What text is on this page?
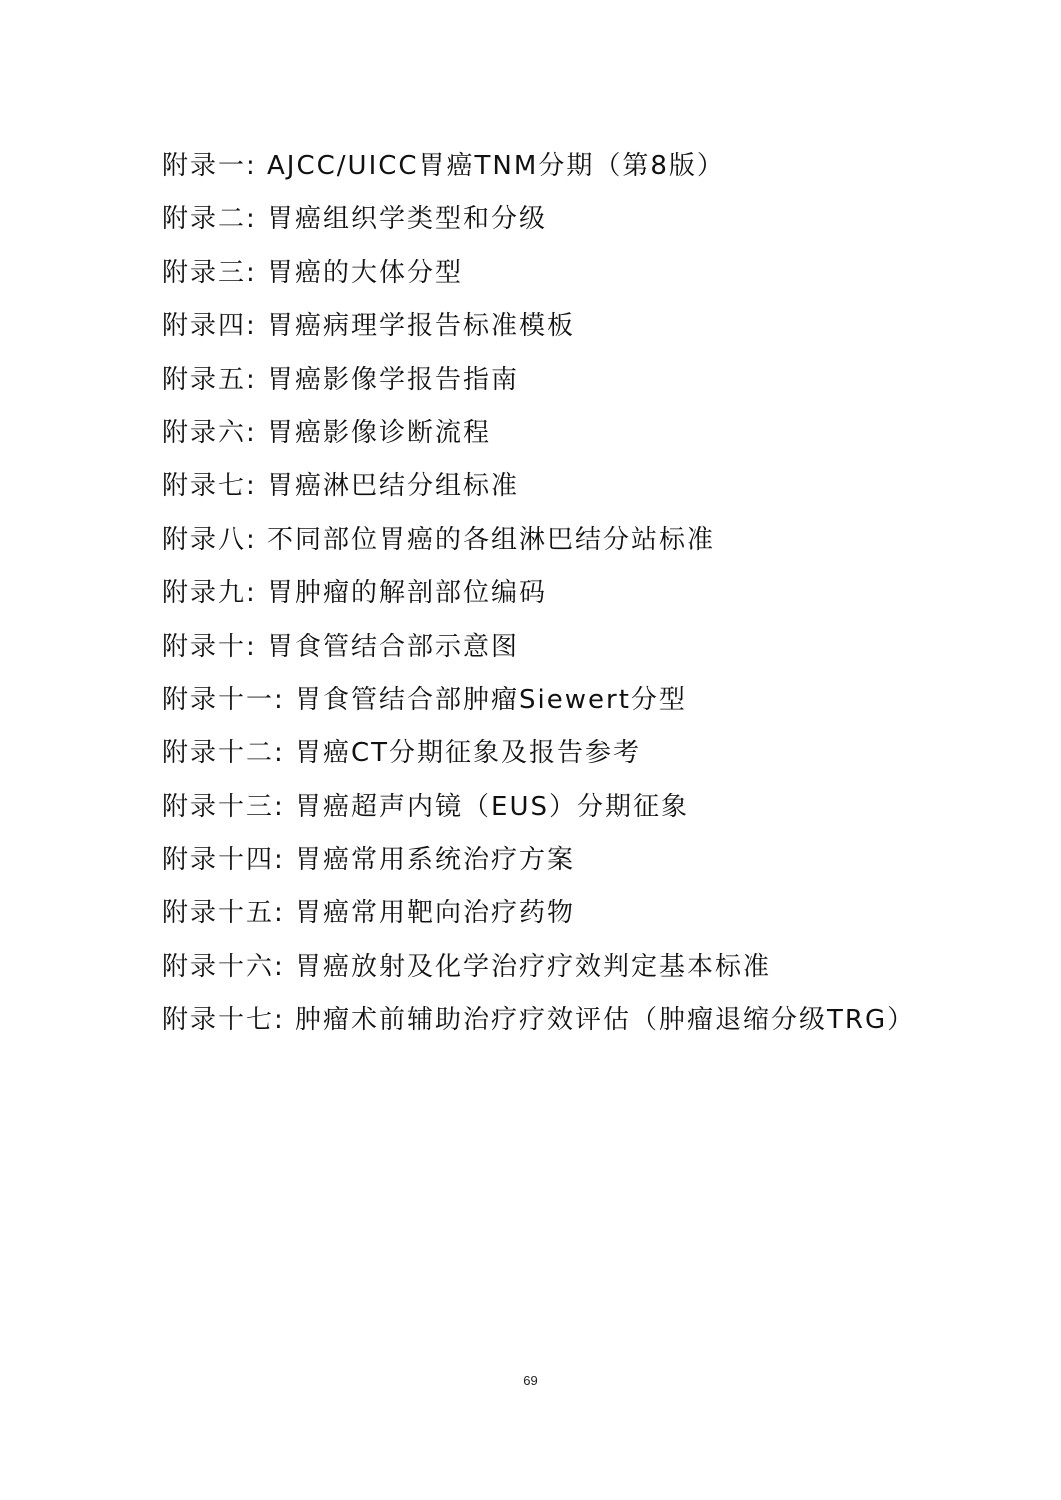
附录一: AJCC/UICC胃癌TNM分期（第8版）
附录二: 胃癌组织学类型和分级
附录三: 胃癌的大体分型
附录四: 胃癌病理学报告标准模板
附录五: 胃癌影像学报告指南
附录六: 胃癌影像诊断流程
附录七: 胃癌淋巴结分组标准
附录八: 不同部位胃癌的各组淋巴结分站标准
附录九: 胃肿瘤的解剖部位编码
附录十: 胃食管结合部示意图
附录十一: 胃食管结合部肿瘤Siewert分型
附录十二: 胃癌CT分期征象及报告参考
附录十三: 胃癌超声内镜（EUS）分期征象
附录十四: 胃癌常用系统治疗方案
附录十五: 胃癌常用靶向治疗药物
附录十六: 胃癌放射及化学治疗疗效判定基本标准
附录十七: 肿瘤术前辅助治疗疗效评估（肿瘤退缩分级TRG）
69
